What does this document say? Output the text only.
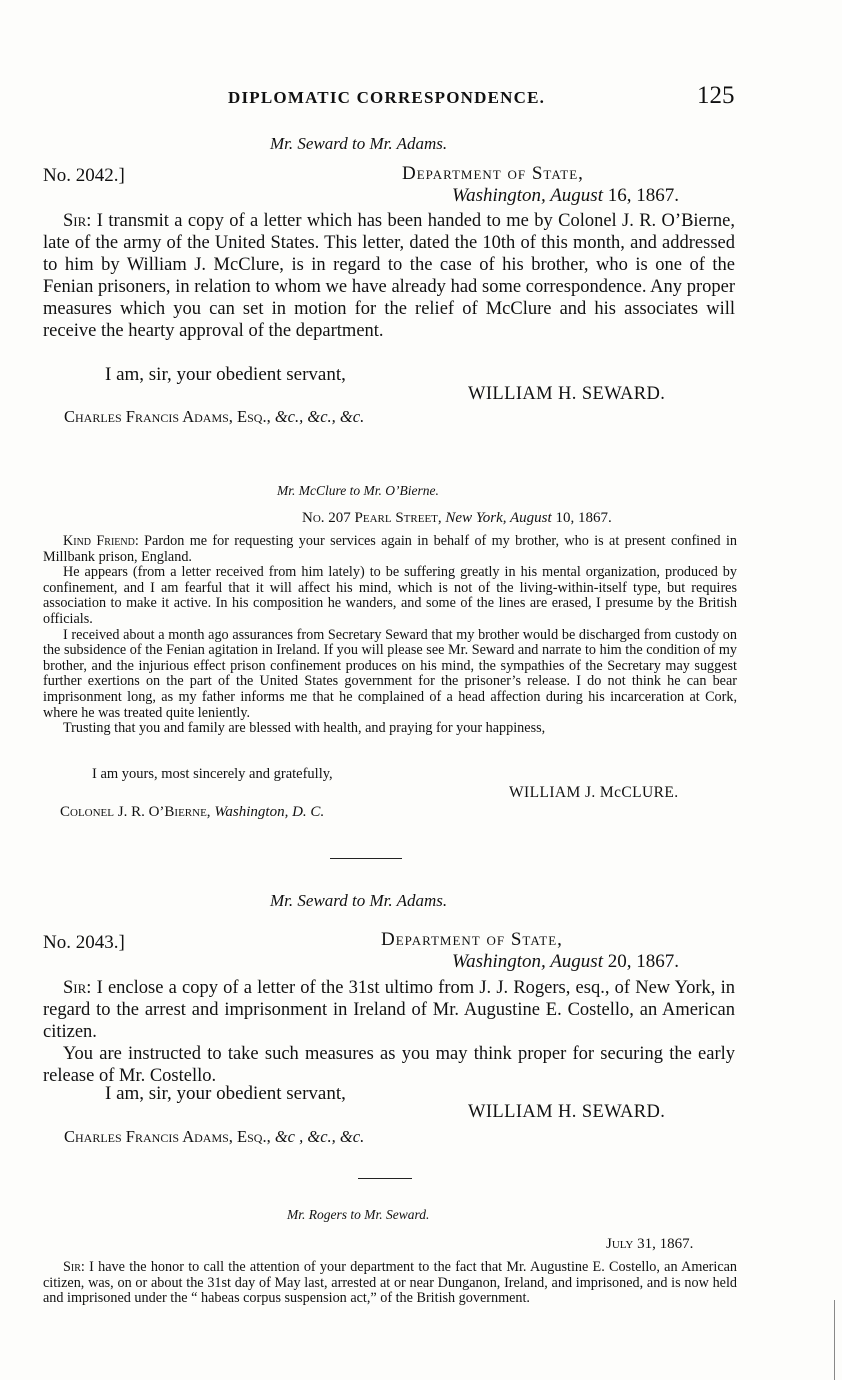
DIPLOMATIC CORRESPONDENCE.	125
Mr. Seward to Mr. Adams.
No. 2042.]	Department of State,
Washington, August 16, 1867.

Sir: I transmit a copy of a letter which has been handed to me by Colonel J. R. O’Bierne, late of the army of the United States. This letter, dated the 10th of this month, and addressed to him by William J. McClure, is in regard to the case of his brother, who is one of the Fenian prisoners, in relation to whom we have already had some correspondence. Any proper measures which you can set in motion for the relief of McClure and his associates will receive the hearty approval of the department.

I am, sir, your obedient servant,
WILLIAM H. SEWARD.
Charles Francis Adams, Esq., &c., &c., &c.
Mr. McClure to Mr. O’Bierne.
No. 207 Pearl Street, New York, August 10, 1867.

Kind Friend: Pardon me for requesting your services again in behalf of my brother, who is at present confined in Millbank prison, England.

He appears (from a letter received from him lately) to be suffering greatly in his mental organization, produced by confinement, and I am fearful that it will affect his mind, which is not of the living-within-itself type, but requires association to make it active. In his composition he wanders, and some of the lines are erased, I presume by the British officials.

I received about a month ago assurances from Secretary Seward that my brother would be discharged from custody on the subsidence of the Fenian agitation in Ireland. If you will please see Mr. Seward and narrate to him the condition of my brother, and the injurious effect prison confinement produces on his mind, the sympathies of the Secretary may suggest further exertions on the part of the United States government for the prisoner’s release. I do not think he can bear imprisonment long, as my father informs me that he complained of a head affection during his incarceration at Cork, where he was treated quite leniently.

Trusting that you and family are blessed with health, and praying for your happiness,

I am yours, most sincerely and gratefully,
WILLIAM J. McCLURE.
Colonel J. R. O’Bierne, Washington, D. C.
Mr. Seward to Mr. Adams.
No. 2043.]	Department of State,
Washington, August 20, 1867.

Sir: I enclose a copy of a letter of the 31st ultimo from J. J. Rogers, esq., of New York, in regard to the arrest and imprisonment in Ireland of Mr. Augustine E. Costello, an American citizen.

You are instructed to take such measures as you may think proper for securing the early release of Mr. Costello.

I am, sir, your obedient servant,
WILLIAM H. SEWARD.
Charles Francis Adams, Esq., &c , &c., &c.
Mr. Rogers to Mr. Seward.
July 31, 1867.

Sir: I have the honor to call the attention of your department to the fact that Mr. Augustine E. Costello, an American citizen, was, on or about the 31st day of May last, arrested at or near Dunganon, Ireland, and imprisoned, and is now held and imprisoned under the “ habeas corpus suspension act,” of the British government.
